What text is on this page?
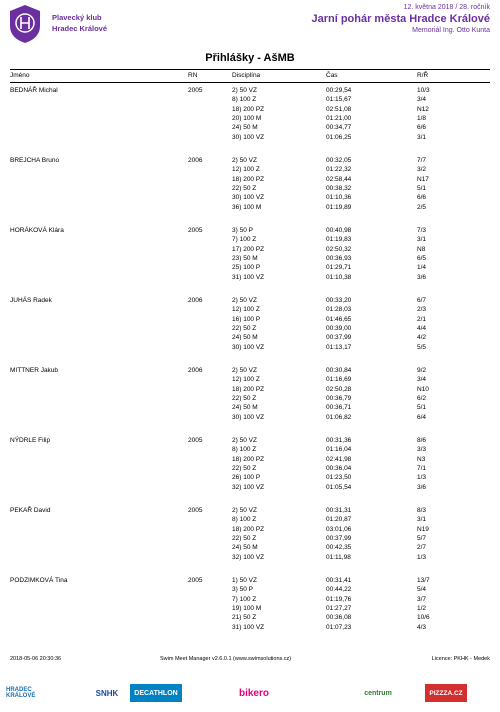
Plavecký klub
Hradec Králové
12. května 2018 / 28. ročník
Jarní pohár města Hradce Králové
Memoriál Ing. Otto Kunta
Přihlášky - AšMB
Jméno	RN	Disciplína	Čas	R/Ř
BEDNÁŘ Michal	2005	2) 50 VZ	00:29,54	10/3
8) 100 Z	01:15,67	3/4
18) 200 PZ	02:51,08	N12
20) 100 M	01:21,00	1/8
24) 50 M	00:34,77	6/6
30) 100 VZ	01:06,25	3/1
BREJCHA Bruno	2006	2) 50 VZ	00:32,05	7/7
12) 100 Z	01:22,32	3/2
18) 200 PZ	02:58,44	N17
22) 50 Z	00:38,32	5/1
30) 100 VZ	01:10,36	6/6
36) 100 M	01:19,89	2/5
HORÁKOVÁ Klára	2005	3) 50 P	00:40,98	7/3
7) 100 Z	01:19,83	3/1
17) 200 PZ	02:50,32	N8
23) 50 M	00:36,93	6/5
25) 100 P	01:29,71	1/4
31) 100 VZ	01:10,38	3/6
JUHÁS Radek	2006	2) 50 VZ	00:33,20	6/7
12) 100 Z	01:28,03	2/3
16) 100 P	01:46,65	2/1
22) 50 Z	00:39,00	4/4
24) 50 M	00:37,99	4/2
30) 100 VZ	01:13,17	5/5
MITTNER Jakub	2006	2) 50 VZ	00:30,84	9/2
12) 100 Z	01:16,69	3/4
18) 200 PZ	02:50,28	N10
22) 50 Z	00:36,79	6/2
24) 50 M	00:36,71	5/1
30) 100 VZ	01:06,82	6/4
NÝDRLE Filip	2005	2) 50 VZ	00:31,36	8/6
8) 100 Z	01:16,04	3/3
18) 200 PZ	02:41,98	N3
22) 50 Z	00:36,04	7/1
26) 100 P	01:23,50	1/3
32) 100 VZ	01:05,54	3/6
PEKAŘ David	2005	2) 50 VZ	00:31,31	8/3
8) 100 Z	01:20,87	3/1
18) 200 PZ	03:01,06	N19
22) 50 Z	00:37,99	5/7
24) 50 M	00:42,35	2/7
32) 100 VZ	01:11,98	1/3
PODZIMKOVÁ Tina	2005	1) 50 VZ	00:31,41	13/7
3) 50 P	00:44,22	5/4
7) 100 Z	01:19,76	3/7
19) 100 M	01:27,27	1/2
21) 50 Z	00:36,08	10/6
31) 100 VZ	01:07,23	4/3
2018-05-06 20:30:36	Swim Meet Manager v2.6.0.1 (www.swimsolutions.cz)	Licence: PKHK - Medek
HRADEC KRÁLOVÉ	SNHK	DECATHLON	bikero	centrum	PIZZZA.CZ
